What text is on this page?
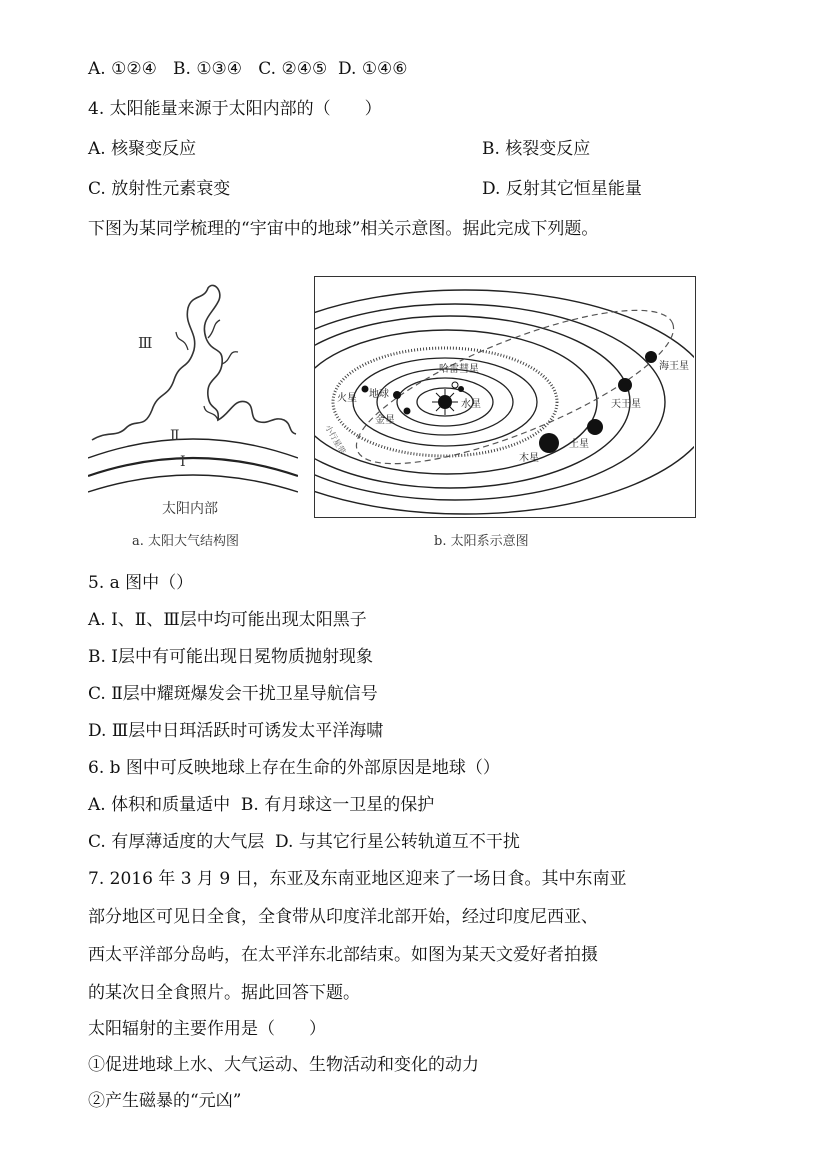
A. ①②④   B. ①③④   C. ②④⑤  D. ①④⑥
4. 太阳能量来源于太阳内部的（　　）
A. 核聚变反应	B. 核裂变反应
C. 放射性元素衰变	D. 反射其它恒星能量
下图为某同学梳理的“宇宙中的地球”相关示意图。据此完成下列题。
Ⅲ
Ⅱ
Ⅰ
太阳内部
a. 太阳大气结构图
哈雷彗星
火星 地球
金星
水星
木星
土星
天王星
海王星
小行星带
b. 太阳系示意图
5. a 图中（）
A. Ⅰ、Ⅱ、Ⅲ层中均可能出现太阳黑子
B. Ⅰ层中有可能出现日冕物质抛射现象
C. Ⅱ层中耀斑爆发会干扰卫星导航信号
D. Ⅲ层中日珥活跃时可诱发太平洋海啸
6. b 图中可反映地球上存在生命的外部原因是地球（）
A. 体积和质量适中  B. 有月球这一卫星的保护
C. 有厚薄适度的大气层  D. 与其它行星公转轨道互不干扰
7. 2016 年 3 月 9 日，东亚及东南亚地区迎来了一场日食。其中东南亚
部分地区可见日全食，全食带从印度洋北部开始，经过印度尼西亚、
西太平洋部分岛屿，在太平洋东北部结束。如图为某天文爱好者拍摄
的某次日全食照片。据此回答下题。
太阳辐射的主要作用是（　　）
①促进地球上水、大气运动、生物活动和变化的动力
②产生磁暴的“元凶”
